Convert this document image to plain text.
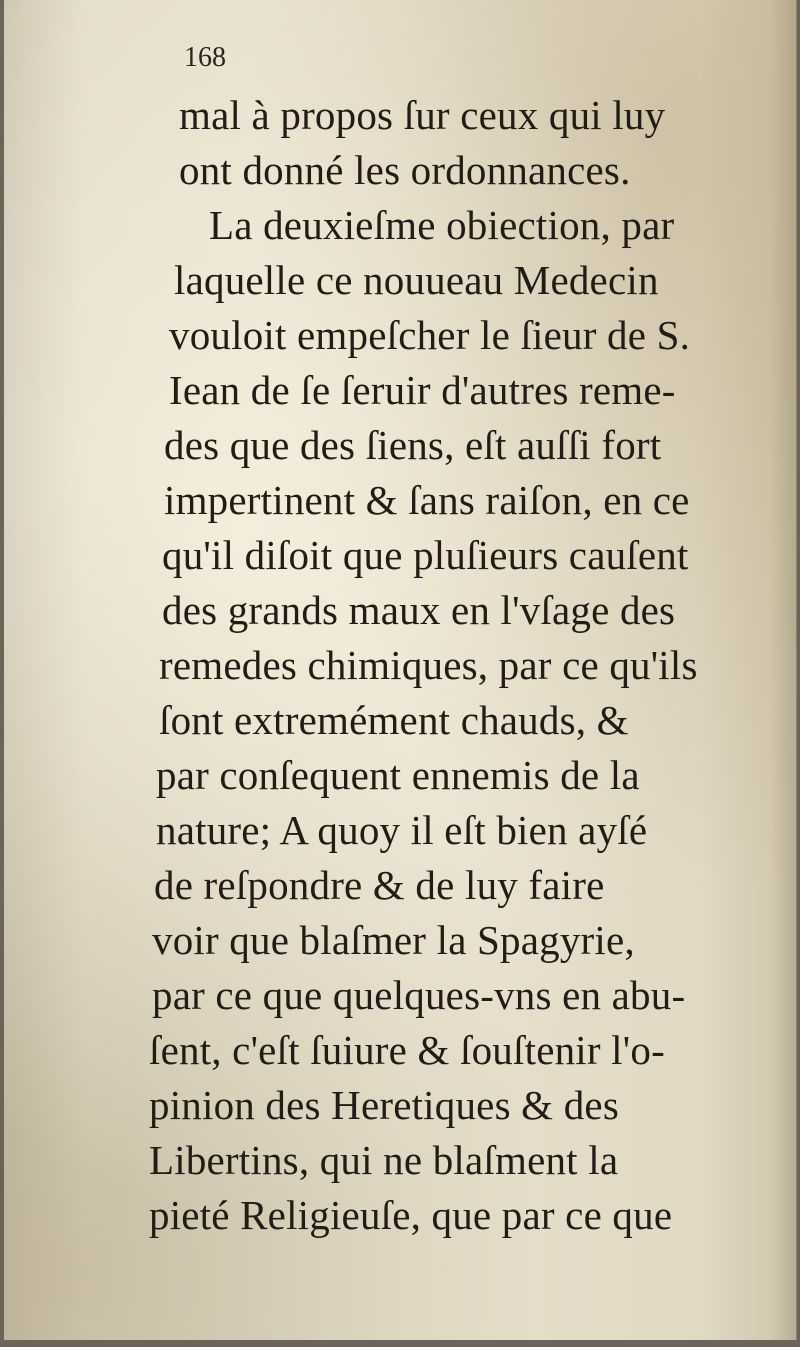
168
mal à propos ſur ceux qui luy
ont donné les ordonnances.
La deuxieſme obiection, par
laquelle ce nouueau Medecin
vouloit empeſcher le ſieur de S.
Iean de ſe ſeruir d'autres reme-
des que des ſiens, eſt auſſi fort
impertinent & ſans raiſon, en ce
qu'il diſoit que pluſieurs cauſent
des grands maux en l'vſage des
remedes chimiques, par ce qu'ils
ſont extremément chauds, &
par conſequent ennemis de la
nature; A quoy il eſt bien ayſé
de reſpondre & de luy faire
voir que blaſmer la Spagyrie,
par ce que quelques-vns en abu-
ſent, c'eſt ſuiure & ſouſtenir l'o-
pinion des Heretiques & des
Libertins, qui ne blaſment la
pieté Religieuſe, que par ce que
